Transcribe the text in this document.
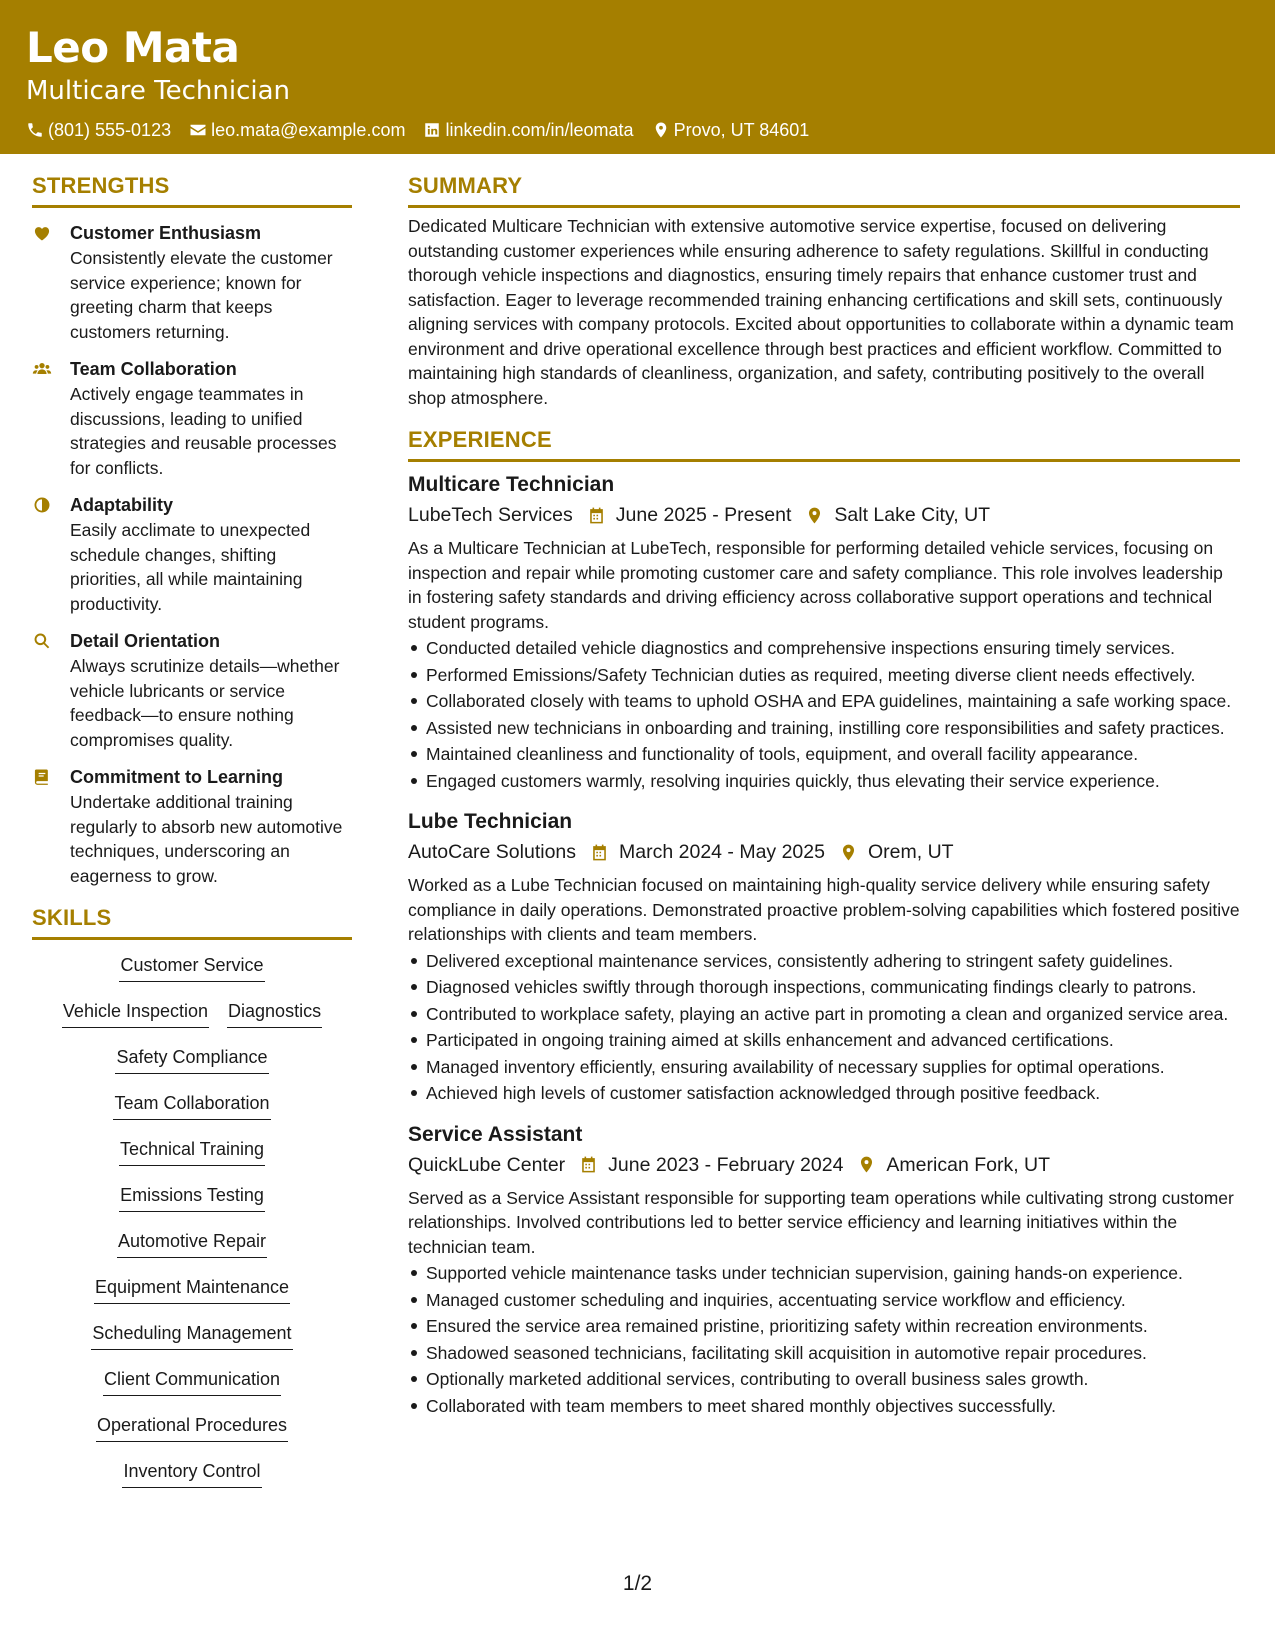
Leo Mata
Multicare Technician
(801) 555-0123 leo.mata@example.com linkedin.com/in/leomata Provo, UT 84601
STRENGTHS
Customer Enthusiasm
Consistently elevate the customer service experience; known for greeting charm that keeps customers returning.
Team Collaboration
Actively engage teammates in discussions, leading to unified strategies and reusable processes for conflicts.
Adaptability
Easily acclimate to unexpected schedule changes, shifting priorities, all while maintaining productivity.
Detail Orientation
Always scrutinize details—whether vehicle lubricants or service feedback—to ensure nothing compromises quality.
Commitment to Learning
Undertake additional training regularly to absorb new automotive techniques, underscoring an eagerness to grow.
SKILLS
Customer Service
Vehicle Inspection Diagnostics
Safety Compliance
Team Collaboration
Technical Training
Emissions Testing
Automotive Repair
Equipment Maintenance
Scheduling Management
Client Communication
Operational Procedures
Inventory Control
SUMMARY
Dedicated Multicare Technician with extensive automotive service expertise, focused on delivering outstanding customer experiences while ensuring adherence to safety regulations. Skillful in conducting thorough vehicle inspections and diagnostics, ensuring timely repairs that enhance customer trust and satisfaction. Eager to leverage recommended training enhancing certifications and skill sets, continuously aligning services with company protocols. Excited about opportunities to collaborate within a dynamic team environment and drive operational excellence through best practices and efficient workflow. Committed to maintaining high standards of cleanliness, organization, and safety, contributing positively to the overall shop atmosphere.
EXPERIENCE
Multicare Technician
LubeTech Services June 2025 - Present Salt Lake City, UT
As a Multicare Technician at LubeTech, responsible for performing detailed vehicle services, focusing on inspection and repair while promoting customer care and safety compliance. This role involves leadership in fostering safety standards and driving efficiency across collaborative support operations and technical student programs.
Conducted detailed vehicle diagnostics and comprehensive inspections ensuring timely services.
Performed Emissions/Safety Technician duties as required, meeting diverse client needs effectively.
Collaborated closely with teams to uphold OSHA and EPA guidelines, maintaining a safe working space.
Assisted new technicians in onboarding and training, instilling core responsibilities and safety practices.
Maintained cleanliness and functionality of tools, equipment, and overall facility appearance.
Engaged customers warmly, resolving inquiries quickly, thus elevating their service experience.
Lube Technician
AutoCare Solutions March 2024 - May 2025 Orem, UT
Worked as a Lube Technician focused on maintaining high-quality service delivery while ensuring safety compliance in daily operations. Demonstrated proactive problem-solving capabilities which fostered positive relationships with clients and team members.
Delivered exceptional maintenance services, consistently adhering to stringent safety guidelines.
Diagnosed vehicles swiftly through thorough inspections, communicating findings clearly to patrons.
Contributed to workplace safety, playing an active part in promoting a clean and organized service area.
Participated in ongoing training aimed at skills enhancement and advanced certifications.
Managed inventory efficiently, ensuring availability of necessary supplies for optimal operations.
Achieved high levels of customer satisfaction acknowledged through positive feedback.
Service Assistant
QuickLube Center June 2023 - February 2024 American Fork, UT
Served as a Service Assistant responsible for supporting team operations while cultivating strong customer relationships. Involved contributions led to better service efficiency and learning initiatives within the technician team.
Supported vehicle maintenance tasks under technician supervision, gaining hands-on experience.
Managed customer scheduling and inquiries, accentuating service workflow and efficiency.
Ensured the service area remained pristine, prioritizing safety within recreation environments.
Shadowed seasoned technicians, facilitating skill acquisition in automotive repair procedures.
Optionally marketed additional services, contributing to overall business sales growth.
Collaborated with team members to meet shared monthly objectives successfully.
1/2
